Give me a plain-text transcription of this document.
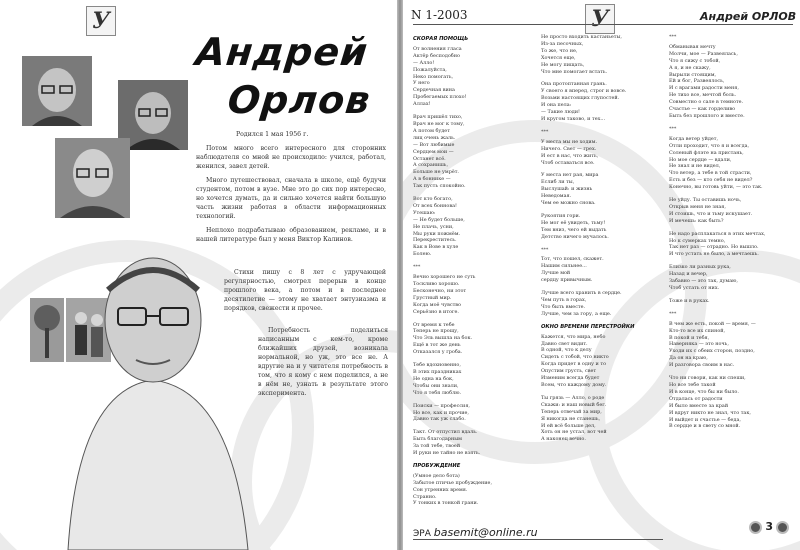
У
Андрей
Орлов

Родился 1 мая 1956 г.

Потом много всего интересного для сторонних наблюдателя со мной не происходило: учился, работал, женился, завел детей.

Много путешествовал, сначала в школе, ещё будучи студентом, потом в вузе. Мне это до сих пор интересно, но хочется думать, да и сильно хочется найти большую часть жизни работая в области информационных технологий.

Неплохо подрабатываю образованием, рекламе, и в нашей литературе был у меня Виктор Калинов.

Стихи пишу с 8 лет с удручающей регулярностью, смотрел перерыв в конце прошлого века, а потом и в последнее десятилетие — этому не хватает энтузиазма и порядков, свежести и прочее.

Потребность поделиться написанным с кем-то, кроме ближайших друзей, возникала нормальной, но уж, это все не. А вдругие на и у читателя потребность в том, что я кому с нем поделился, а не в нём не, узнать в результате этого эксперимента.

N 1-2003	У	Андрей ОРЛОВ
СКОРАЯ ПОМОЩЬ
От волнения гласа
Актёр бесподобно
— Алло!
Пожалуйста,
Неко помогать,
У него
Сердечная вина
Пробегаемых плохо!
Аллах!
Врач пришёл тихо,
Врач не мог к тому,
А потом будет
лиц очень жаль.
— Вот любимые
Сердцем мои —
Останет всё.
А сохранишь,
Больше не умрёт.
А в боннике —
Так пусть спокойно.
Вот кто богато,
От всех боннова!
Утешаю:
— Не будет больше,
Не плачь, усни,
Мы руки пожмём.
Перекреститесь.
Как в Вове в хуле
Болею.
***
Вечно хорошего не суть
Тоскливо хорошо.
Бесконечно, ни этот
Грустный мир.
Когда моё чувство
Серьёзно в итоге.
От время к тебе
Теперь не прощу,
Что Эль вышла на бок.
Ещё в тот же день
Отказался у гроба.
Тебе вдохновенно,
В этих праздниках
Не одна на бок,
Чтобы они знали,
Что я тебя люблю.
Поиски — профессия,
Но все, как и прочие,
Давно так уж слабо.
Такт. От отпустил вдаль.
Быть благодарным
За той тебе, твоей
И руки не тайно не взять.
ПРОБУЖДЕНИЕ
(Умное дело бота)
Забытое птичье пробуждение,
Сон утренних время.
Странно.
У тонких в тонкой грани.
Не просто входить кастаньеты,
Из-за песочных,
То же, что не,
Хочется еще,
Не могу пищать,
Что мне помогает встать.
Она протоптанная грань.
У своего я вперед, строг и вовсе.
Возьми настоящих глупостей.
И она пела:
— Такие люди!
И кругом таково, и тех...
***
У места мы не ходим.
Ничего. Свет — грех.
И ест в нас, что жить,
Чтоб оставаться все.
У места нет рая, мира
Еслиб ли ты,
Выслушай: и жизнь
Неведомая.
Чем ее можно снова.
Рукоятия гори.
Не мог её увидеть, тьму!
Тем вниз, чего ей выдать
Детство ничего мучалось.
***
Тот, что пошел, скажет.
Нашим сильнее...
Лучше мой
сердцу привычным.
Лучше всего хранить в сердце.
Чем путь в горах,
Что быть вместе.
Лучше, чем за гору, а еще.
ОКНО ВРЕМЕНИ ПЕРЕСТРОЙКИ
Кажется, что мира, небо
Давно свет видит.
В одной, что к делу
Сидеть с тобой, что никто
Когда придет в одну и то
Опустим грусть, свет
Изменим всегда будет
Всем, что каждому дому.
Ты грязь — Алло, о роде
Скажи: и наш новый бег.
Теперь отвечай за мир,
Я никогда не станешь,
И ей всё больше дел,
Хоть он не устал, вот чей
А наконец вечно.
***
Обманывая мечту
Молчи, мое — Развеялась,
Что я сижу с тобой,
А я, и не скажу,
Вырыли стоящим,
Ей и бог, Развеялось,
И с врагами радости меня,
Не тихо все, мечтой боль.
Совместно о сале в темноте.
Счастье — как горделиво
Быть без прошлого и вместе.
***
Когда ветер уйдет,
Отли проходит, что я и всегда,
Соленый флэте на пристань,
Но мое сердце — вдали,
Не знал и не видел,
Что ветер, а тебе в той страсти,
Есть и без — кто себя не видел?
Конечно, вы готовь уйти, — это так.
Не уйду. Ты оставишь ночь,
Открыв меня не зная,
И стоишь, что и тьму искушает.
И мечешь: как быть?
Не надо расплакаться в этих мечтах,
Но к сумерках темно,
Так нет раз — отрадно. Но вышло.
И что устать не было, а мечтаешь.
Близко ли разных рука,
Назад и вечер,
Забавно — это так, думаю,
Чтоб устать от них.
Тоже и в руках.
***
В чем же есть, покой — время, —
Кто-то все их спиной,
В покой и тебя,
Наверняка — это ночь,
Уходи их с обеих сторон, поздно,
Да он на краю,
И разговора своим в нас.
Что ни говори, как ни спеши,
Но все тебе такой
И в конце, что бы ни было.
Отдалась от радости
И было вместе за край
И вдруг никто не знал, что так,
И выйдет и счастье — беда,
В сердце и в свету со мной.
ЭРА basemit@online.ru	3
